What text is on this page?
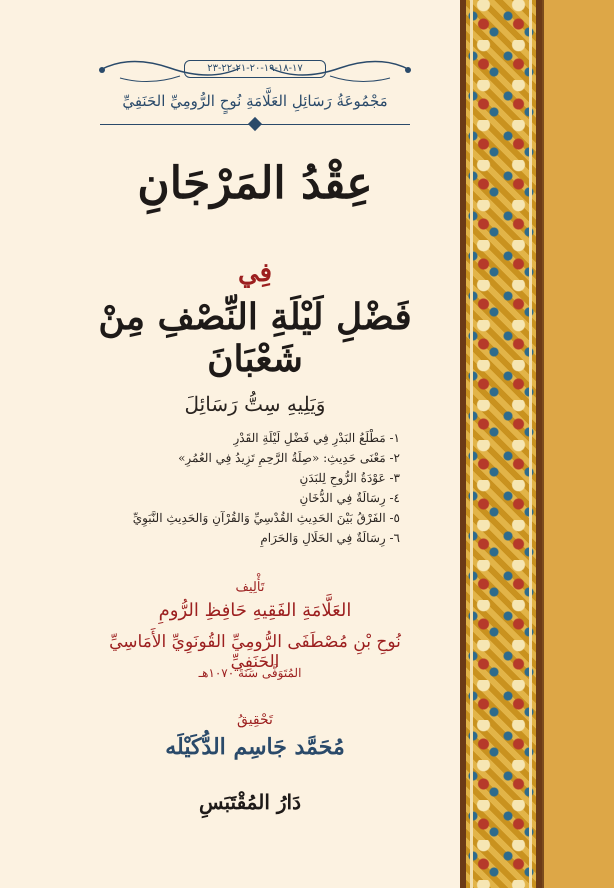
١٧-١٨-١٩-٢٠-٢١-٢٢-٢٣
مَجْمُوعَةُ رَسَائِلِ العَلَّامَةِ نُوحٍ الرُّومِيِّ الحَنَفِيِّ
عِقْدُ المَرْجَانِ
فِي
فَضْلِ لَيْلَةِ النِّصْفِ مِنْ شَعْبَانَ
وَيَلِيهِ سِتُّ رَسَائِلَ
١- مَطْلَعُ البَدْرِ فِي فَضْلِ لَيْلَةِ القَدْرِ
٢- مَعْنَى حَدِيثِ: «صِلَةُ الرَّحِمِ تَزِيدُ فِي العُمُرِ»
٣- عَوْدَةُ الرُّوحِ لِلبَدَنِ
٤- رِسَالَةٌ فِي الدُّخَانِ
٥- الفَرْقُ بَيْنَ الحَدِيثِ القُدْسِيِّ وَالقُرْآنِ وَالحَدِيثِ النَّبَوِيِّ
٦- رِسَالَةٌ فِي الحَلَالِ وَالحَرَامِ
تَأْلِيف
العَلَّامَةِ الفَقِيهِ حَافِظِ الرُّومِ
نُوحِ بْنِ مُصْطَفَى الرُّومِيِّ القُونَوِيِّ الأَمَاسِيِّ الحَنَفِيِّ
المُتَوَفَّى سَنَةَ ١٠٧٠هـ
تَحْقِيقُ
مُحَمَّد جَاسِم الدُّكَيْلَه
دَارُ المُقْتَبَسِ
